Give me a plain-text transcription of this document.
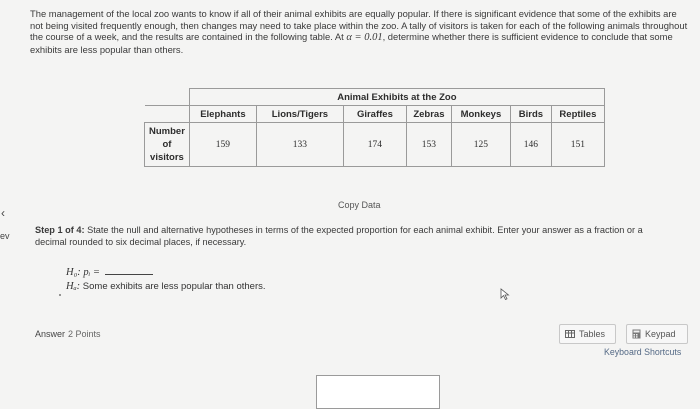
The management of the local zoo wants to know if all of their animal exhibits are equally popular. If there is significant evidence that some of the exhibits are not being visited frequently enough, then changes may need to take place within the zoo. A tally of visitors is taken for each of the following animals throughout the course of a week, and the results are contained in the following table. At α = 0.01, determine whether there is sufficient evidence to conclude that some exhibits are less popular than others.
	Animal Exhibits at the Zoo						
	Elephants	Lions/Tigers	Giraffes	Zebras	Monkeys	Birds	Reptiles
Number
of
visitors	159	133	174	153	125	146	151
Copy Data
‹
ev
Step 1 of 4: State the null and alternative hypotheses in terms of the expected proportion for each animal exhibit. Enter your answer as a fraction or a decimal rounded to six decimal places, if necessary.
H₀: pᵢ =
Hₐ: Some exhibits are less popular than others.
Answer 2 Points	Tables	Keypad
Keyboard Shortcuts
